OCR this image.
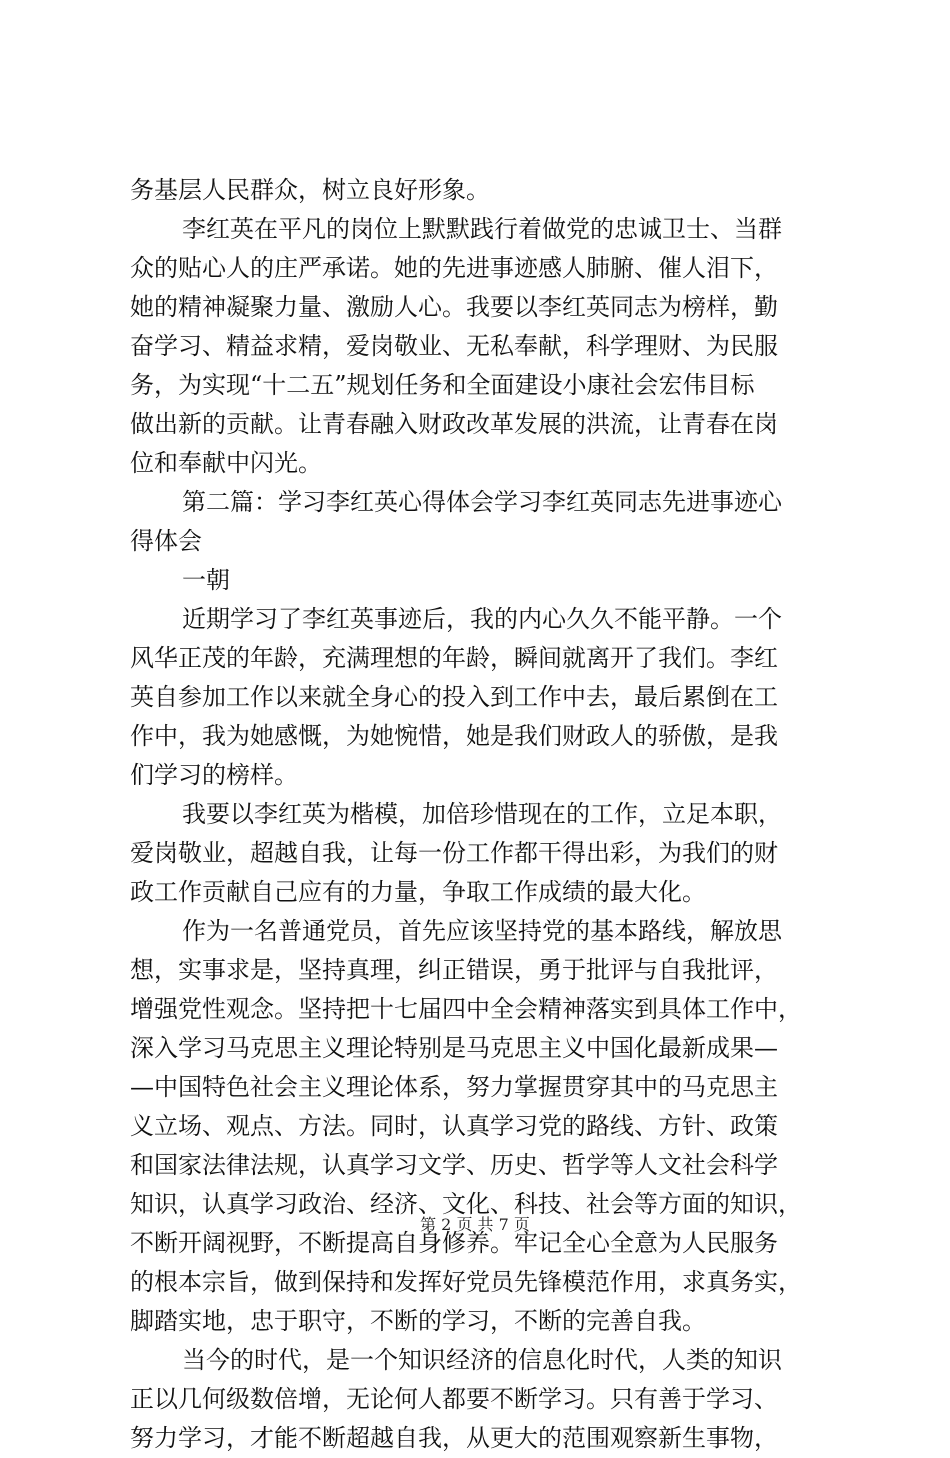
务基层人民群众，树立良好形象。
李红英在平凡的岗位上默默践行着做党的忠诚卫士、当群
众的贴心人的庄严承诺。她的先进事迹感人肺腑、催人泪下，
她的精神凝聚力量、激励人心。我要以李红英同志为榜样，勤
奋学习、精益求精，爱岗敬业、无私奉献，科学理财、为民服
务，为实现“十二五”规划任务和全面建设小康社会宏伟目标
做出新的贡献。让青春融入财政改革发展的洪流，让青春在岗
位和奉献中闪光。
第二篇：学习李红英心得体会学习李红英同志先进事迹心
得体会
一朝
近期学习了李红英事迹后，我的内心久久不能平静。一个
风华正茂的年龄，充满理想的年龄，瞬间就离开了我们。李红
英自参加工作以来就全身心的投入到工作中去，最后累倒在工
作中，我为她感慨，为她惋惜，她是我们财政人的骄傲，是我
们学习的榜样。
我要以李红英为楷模，加倍珍惜现在的工作，立足本职，
爱岗敬业，超越自我，让每一份工作都干得出彩，为我们的财
政工作贡献自己应有的力量，争取工作成绩的最大化。
作为一名普通党员，首先应该坚持党的基本路线，解放思
想，实事求是，坚持真理，纠正错误，勇于批评与自我批评，
增强党性观念。坚持把十七届四中全会精神落实到具体工作中，
深入学习马克思主义理论特别是马克思主义中国化最新成果—
—中国特色社会主义理论体系，努力掌握贯穿其中的马克思主
义立场、观点、方法。同时，认真学习党的路线、方针、政策
和国家法律法规，认真学习文学、历史、哲学等人文社会科学
知识，认真学习政治、经济、文化、科技、社会等方面的知识，
不断开阔视野，不断提高自身修养。牢记全心全意为人民服务
的根本宗旨，做到保持和发挥好党员先锋模范作用，求真务实，
脚踏实地，忠于职守，不断的学习，不断的完善自我。
当今的时代，是一个知识经济的信息化时代，人类的知识
正以几何级数倍增，无论何人都要不断学习。只有善于学习、
努力学习，才能不断超越自我，从更大的范围观察新生事物，
第 2 页 共 7 页
